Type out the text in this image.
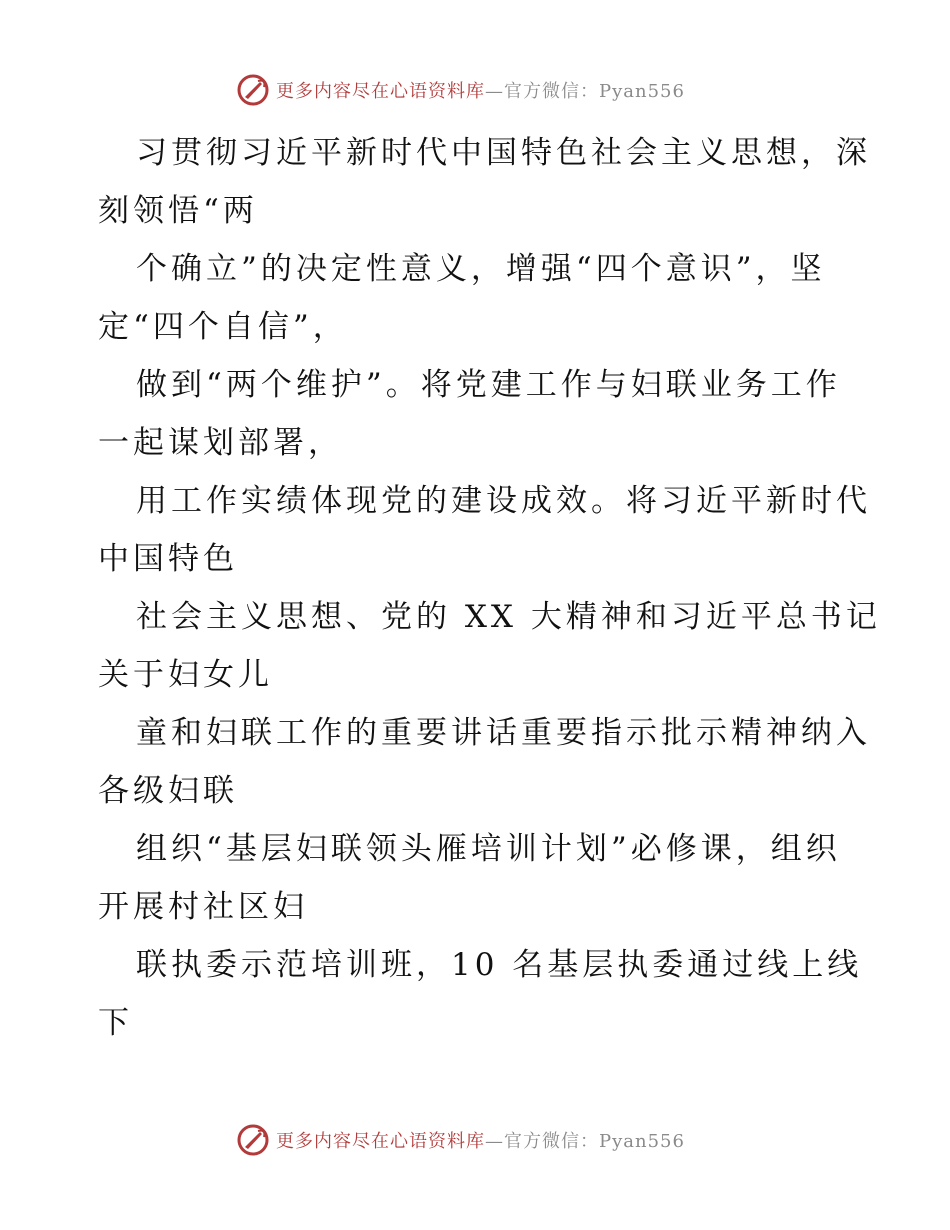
更多内容尽在心语资料库—官方微信：Pyan556

习贯彻习近平新时代中国特色社会主义思想，深
刻领悟“两

个确立”的决定性意义，增强“四个意识”，坚
定“四个自信”，

做到“两个维护”。将党建工作与妇联业务工作
一起谋划部署，

用工作实绩体现党的建设成效。将习近平新时代
中国特色

社会主义思想、党的 XX 大精神和习近平总书记
关于妇女儿

童和妇联工作的重要讲话重要指示批示精神纳入
各级妇联

组织“基层妇联领头雁培训计划”必修课，组织
开展村社区妇

联执委示范培训班，10 名基层执委通过线上线
下

更多内容尽在心语资料库—官方微信：Pyan556
